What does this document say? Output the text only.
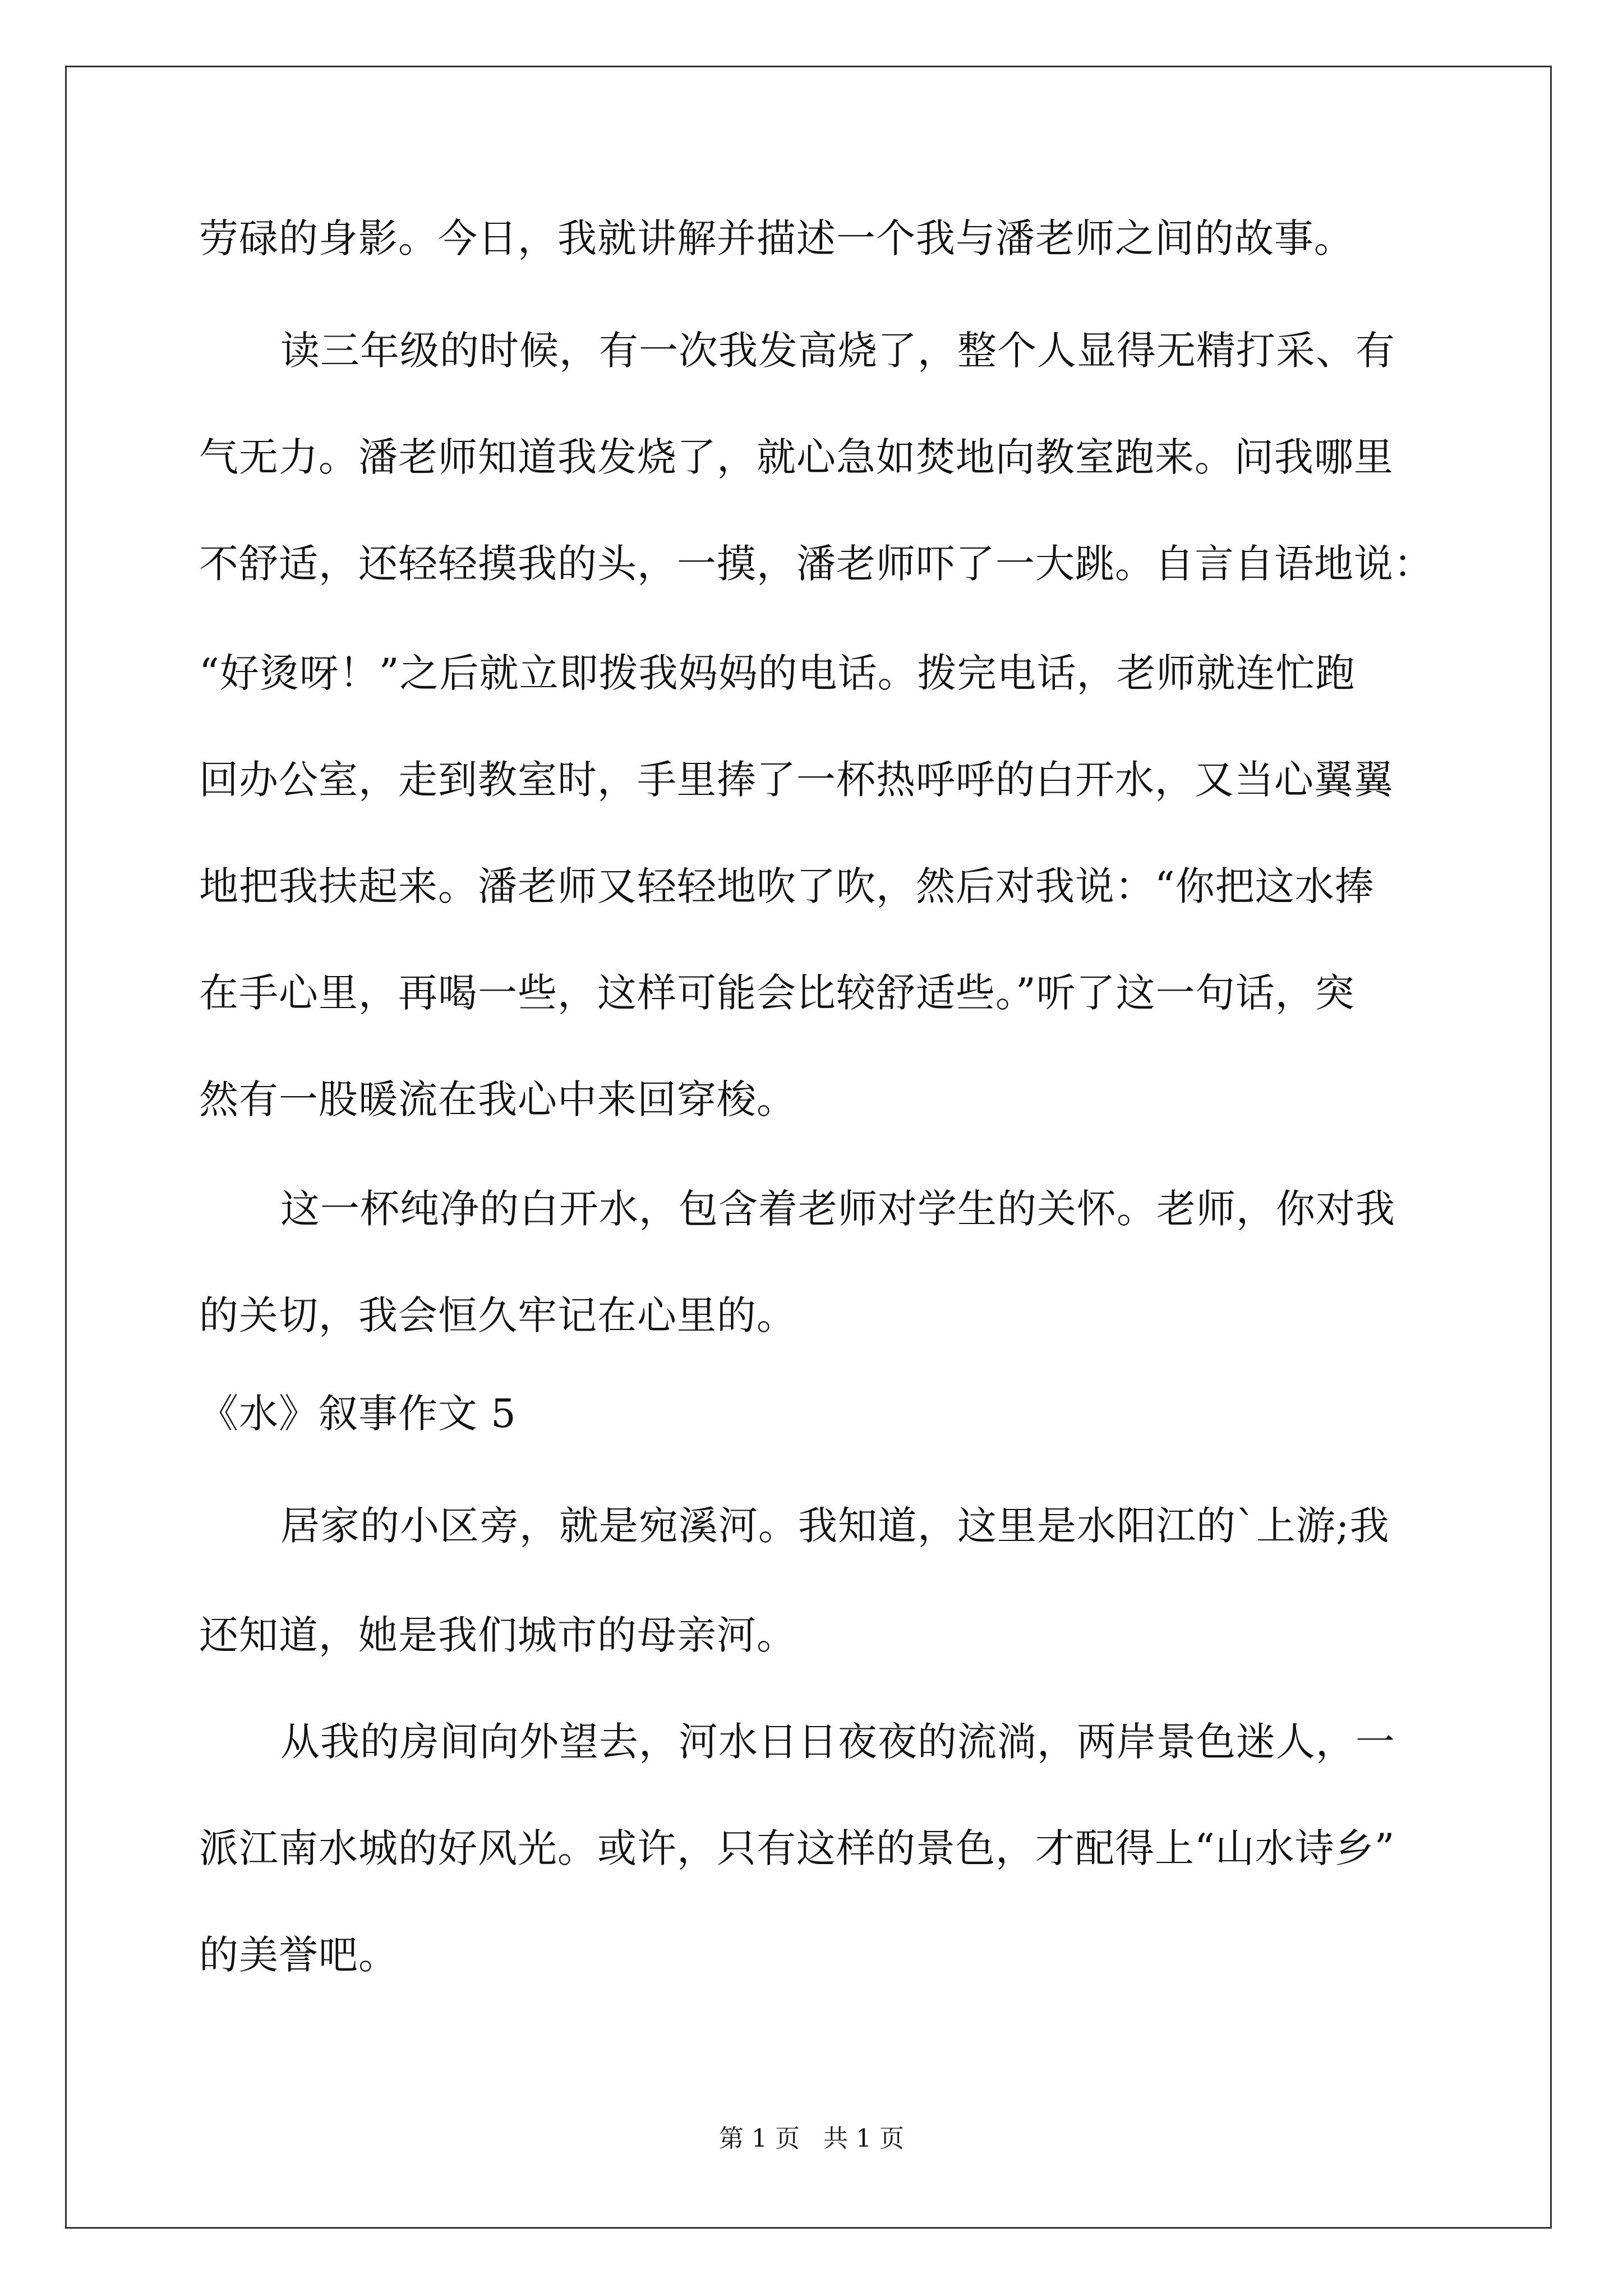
劳碌的身影。今日，我就讲解并描述一个我与潘老师之间的故事。
读三年级的时候，有一次我发高烧了，整个人显得无精打采、有
气无力。潘老师知道我发烧了，就心急如焚地向教室跑来。问我哪里
不舒适，还轻轻摸我的头，一摸，潘老师吓了一大跳。自言自语地说：
“好烫呀！”之后就立即拨我妈妈的电话。拨完电话，老师就连忙跑
回办公室，走到教室时，手里捧了一杯热呼呼的白开水，又当心翼翼
地把我扶起来。潘老师又轻轻地吹了吹，然后对我说：“你把这水捧
在手心里，再喝一些，这样可能会比较舒适些。”听了这一句话，突
然有一股暖流在我心中来回穿梭。
这一杯纯净的白开水，包含着老师对学生的关怀。老师，你对我
的关切，我会恒久牢记在心里的。
《水》叙事作文 5
居家的小区旁，就是宛溪河。我知道，这里是水阳江的`上游;我
还知道，她是我们城市的母亲河。
从我的房间向外望去，河水日日夜夜的流淌，两岸景色迷人，一
派江南水城的好风光。或许，只有这样的景色，才配得上“山水诗乡”
的美誉吧。
第 1 页   共 1 页
